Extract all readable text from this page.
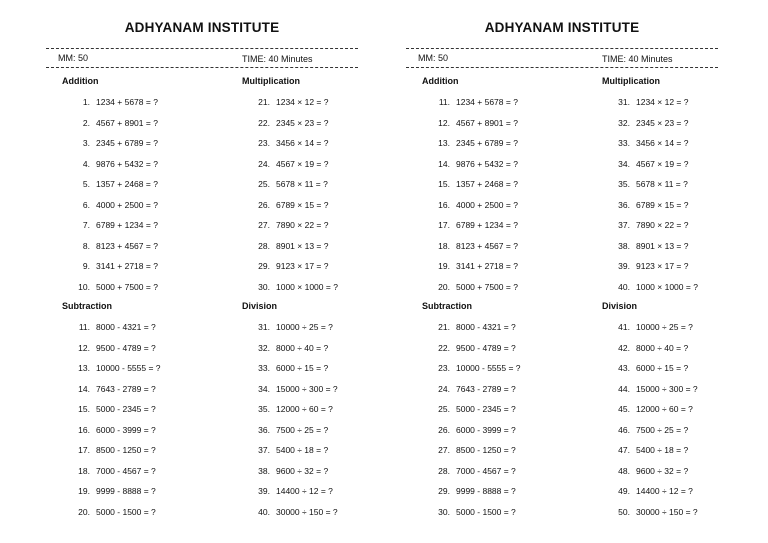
ADHYANAM INSTITUTE
MM: 50	TIME: 40 Minutes
Addition
1. 1234 + 5678 = ?
2. 4567 + 8901 = ?
3. 2345 + 6789 = ?
4. 9876 + 5432 = ?
5. 1357 + 2468 = ?
6. 4000 + 2500 = ?
7. 6789 + 1234 = ?
8. 8123 + 4567 = ?
9. 3141 + 2718 = ?
10. 5000 + 7500 = ?
Multiplication
21. 1234 × 12 = ?
22. 2345 × 23 = ?
23. 3456 × 14 = ?
24. 4567 × 19 = ?
25. 5678 × 11 = ?
26. 6789 × 15 = ?
27. 7890 × 22 = ?
28. 8901 × 13 = ?
29. 9123 × 17 = ?
30. 1000 × 1000 = ?
Subtraction
11. 8000 - 4321 = ?
12. 9500 - 4789 = ?
13. 10000 - 5555 = ?
14. 7643 - 2789 = ?
15. 5000 - 2345 = ?
16. 6000 - 3999 = ?
17. 8500 - 1250 = ?
18. 7000 - 4567 = ?
19. 9999 - 8888 = ?
20. 5000 - 1500 = ?
Division
31. 10000 ÷ 25 = ?
32. 8000 ÷ 40 = ?
33. 6000 ÷ 15 = ?
34. 15000 ÷ 300 = ?
35. 12000 ÷ 60 = ?
36. 7500 ÷ 25 = ?
37. 5400 ÷ 18 = ?
38. 9600 ÷ 32 = ?
39. 14400 ÷ 12 = ?
40. 30000 ÷ 150 = ?
ADHYANAM INSTITUTE
MM: 50	TIME: 40 Minutes
Addition
11. 1234 + 5678 = ?
12. 4567 + 8901 = ?
13. 2345 + 6789 = ?
14. 9876 + 5432 = ?
15. 1357 + 2468 = ?
16. 4000 + 2500 = ?
17. 6789 + 1234 = ?
18. 8123 + 4567 = ?
19. 3141 + 2718 = ?
20. 5000 + 7500 = ?
Multiplication
31. 1234 × 12 = ?
32. 2345 × 23 = ?
33. 3456 × 14 = ?
34. 4567 × 19 = ?
35. 5678 × 11 = ?
36. 6789 × 15 = ?
37. 7890 × 22 = ?
38. 8901 × 13 = ?
39. 9123 × 17 = ?
40. 1000 × 1000 = ?
Subtraction
21. 8000 - 4321 = ?
22. 9500 - 4789 = ?
23. 10000 - 5555 = ?
24. 7643 - 2789 = ?
25. 5000 - 2345 = ?
26. 6000 - 3999 = ?
27. 8500 - 1250 = ?
28. 7000 - 4567 = ?
29. 9999 - 8888 = ?
30. 5000 - 1500 = ?
Division
41. 10000 ÷ 25 = ?
42. 8000 ÷ 40 = ?
43. 6000 ÷ 15 = ?
44. 15000 ÷ 300 = ?
45. 12000 ÷ 60 = ?
46. 7500 ÷ 25 = ?
47. 5400 ÷ 18 = ?
48. 9600 ÷ 32 = ?
49. 14400 ÷ 12 = ?
50. 30000 ÷ 150 = ?
